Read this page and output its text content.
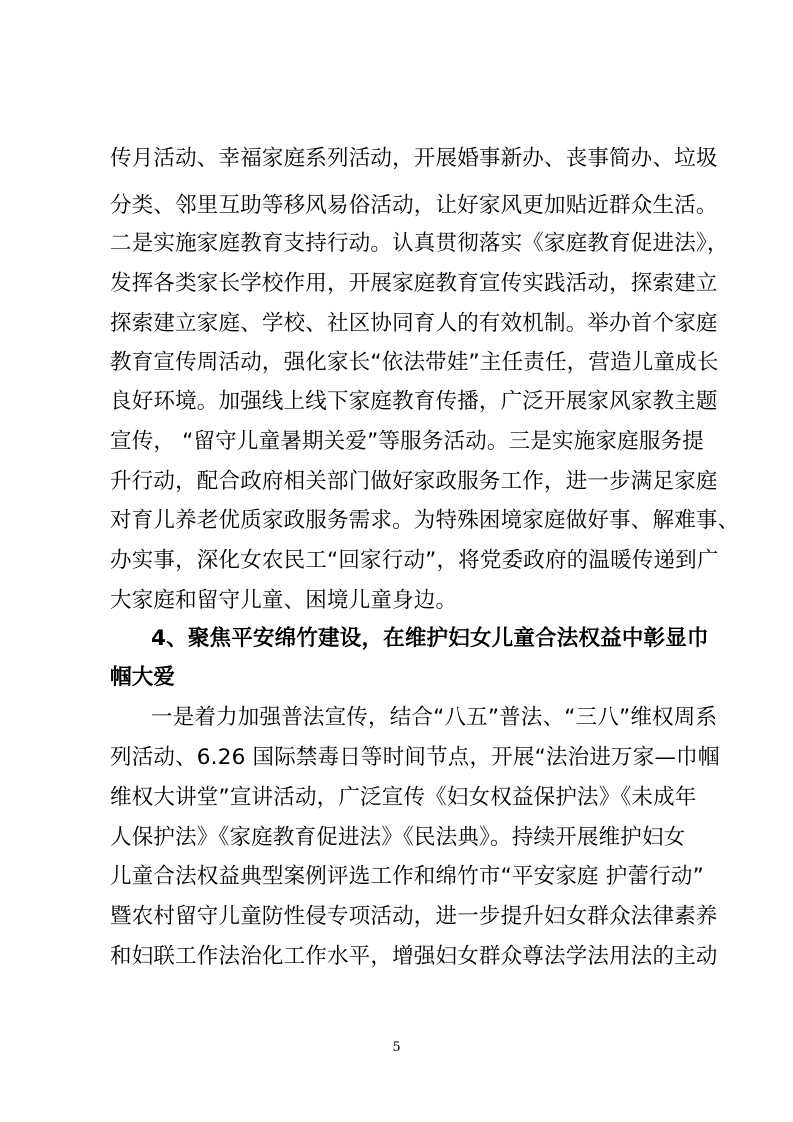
传月活动、幸福家庭系列活动，开展婚事新办、丧事简办、垃圾
分类、邻里互助等移风易俗活动，让好家风更加贴近群众生活。
二是实施家庭教育支持行动。认真贯彻落实《家庭教育促进法》，
发挥各类家长学校作用，开展家庭教育宣传实践活动，探索建立
探索建立家庭、学校、社区协同育人的有效机制。举办首个家庭
教育宣传周活动，强化家长“依法带娃”主任责任，营造儿童成长
良好环境。加强线上线下家庭教育传播，广泛开展家风家教主题
宣传， “留守儿童暑期关爱”等服务活动。三是实施家庭服务提
升行动，配合政府相关部门做好家政服务工作，进一步满足家庭
对育儿养老优质家政服务需求。为特殊困境家庭做好事、解难事、
办实事，深化女农民工“回家行动”，将党委政府的温暖传递到广
大家庭和留守儿童、困境儿童身边。
4、聚焦平安绵竹建设，在维护妇女儿童合法权益中彰显巾
帼大爱
一是着力加强普法宣传，结合“八五”普法、“三八”维权周系
列活动、6.26 国际禁毒日等时间节点，开展“法治进万家—巾帼
维权大讲堂”宣讲活动，广泛宣传《妇女权益保护法》《未成年
人保护法》《家庭教育促进法》《民法典》。持续开展维护妇女
儿童合法权益典型案例评选工作和绵竹市“平安家庭 护蕾行动”
暨农村留守儿童防性侵专项活动，进一步提升妇女群众法律素养
和妇联工作法治化工作水平，增强妇女群众尊法学法用法的主动
5
